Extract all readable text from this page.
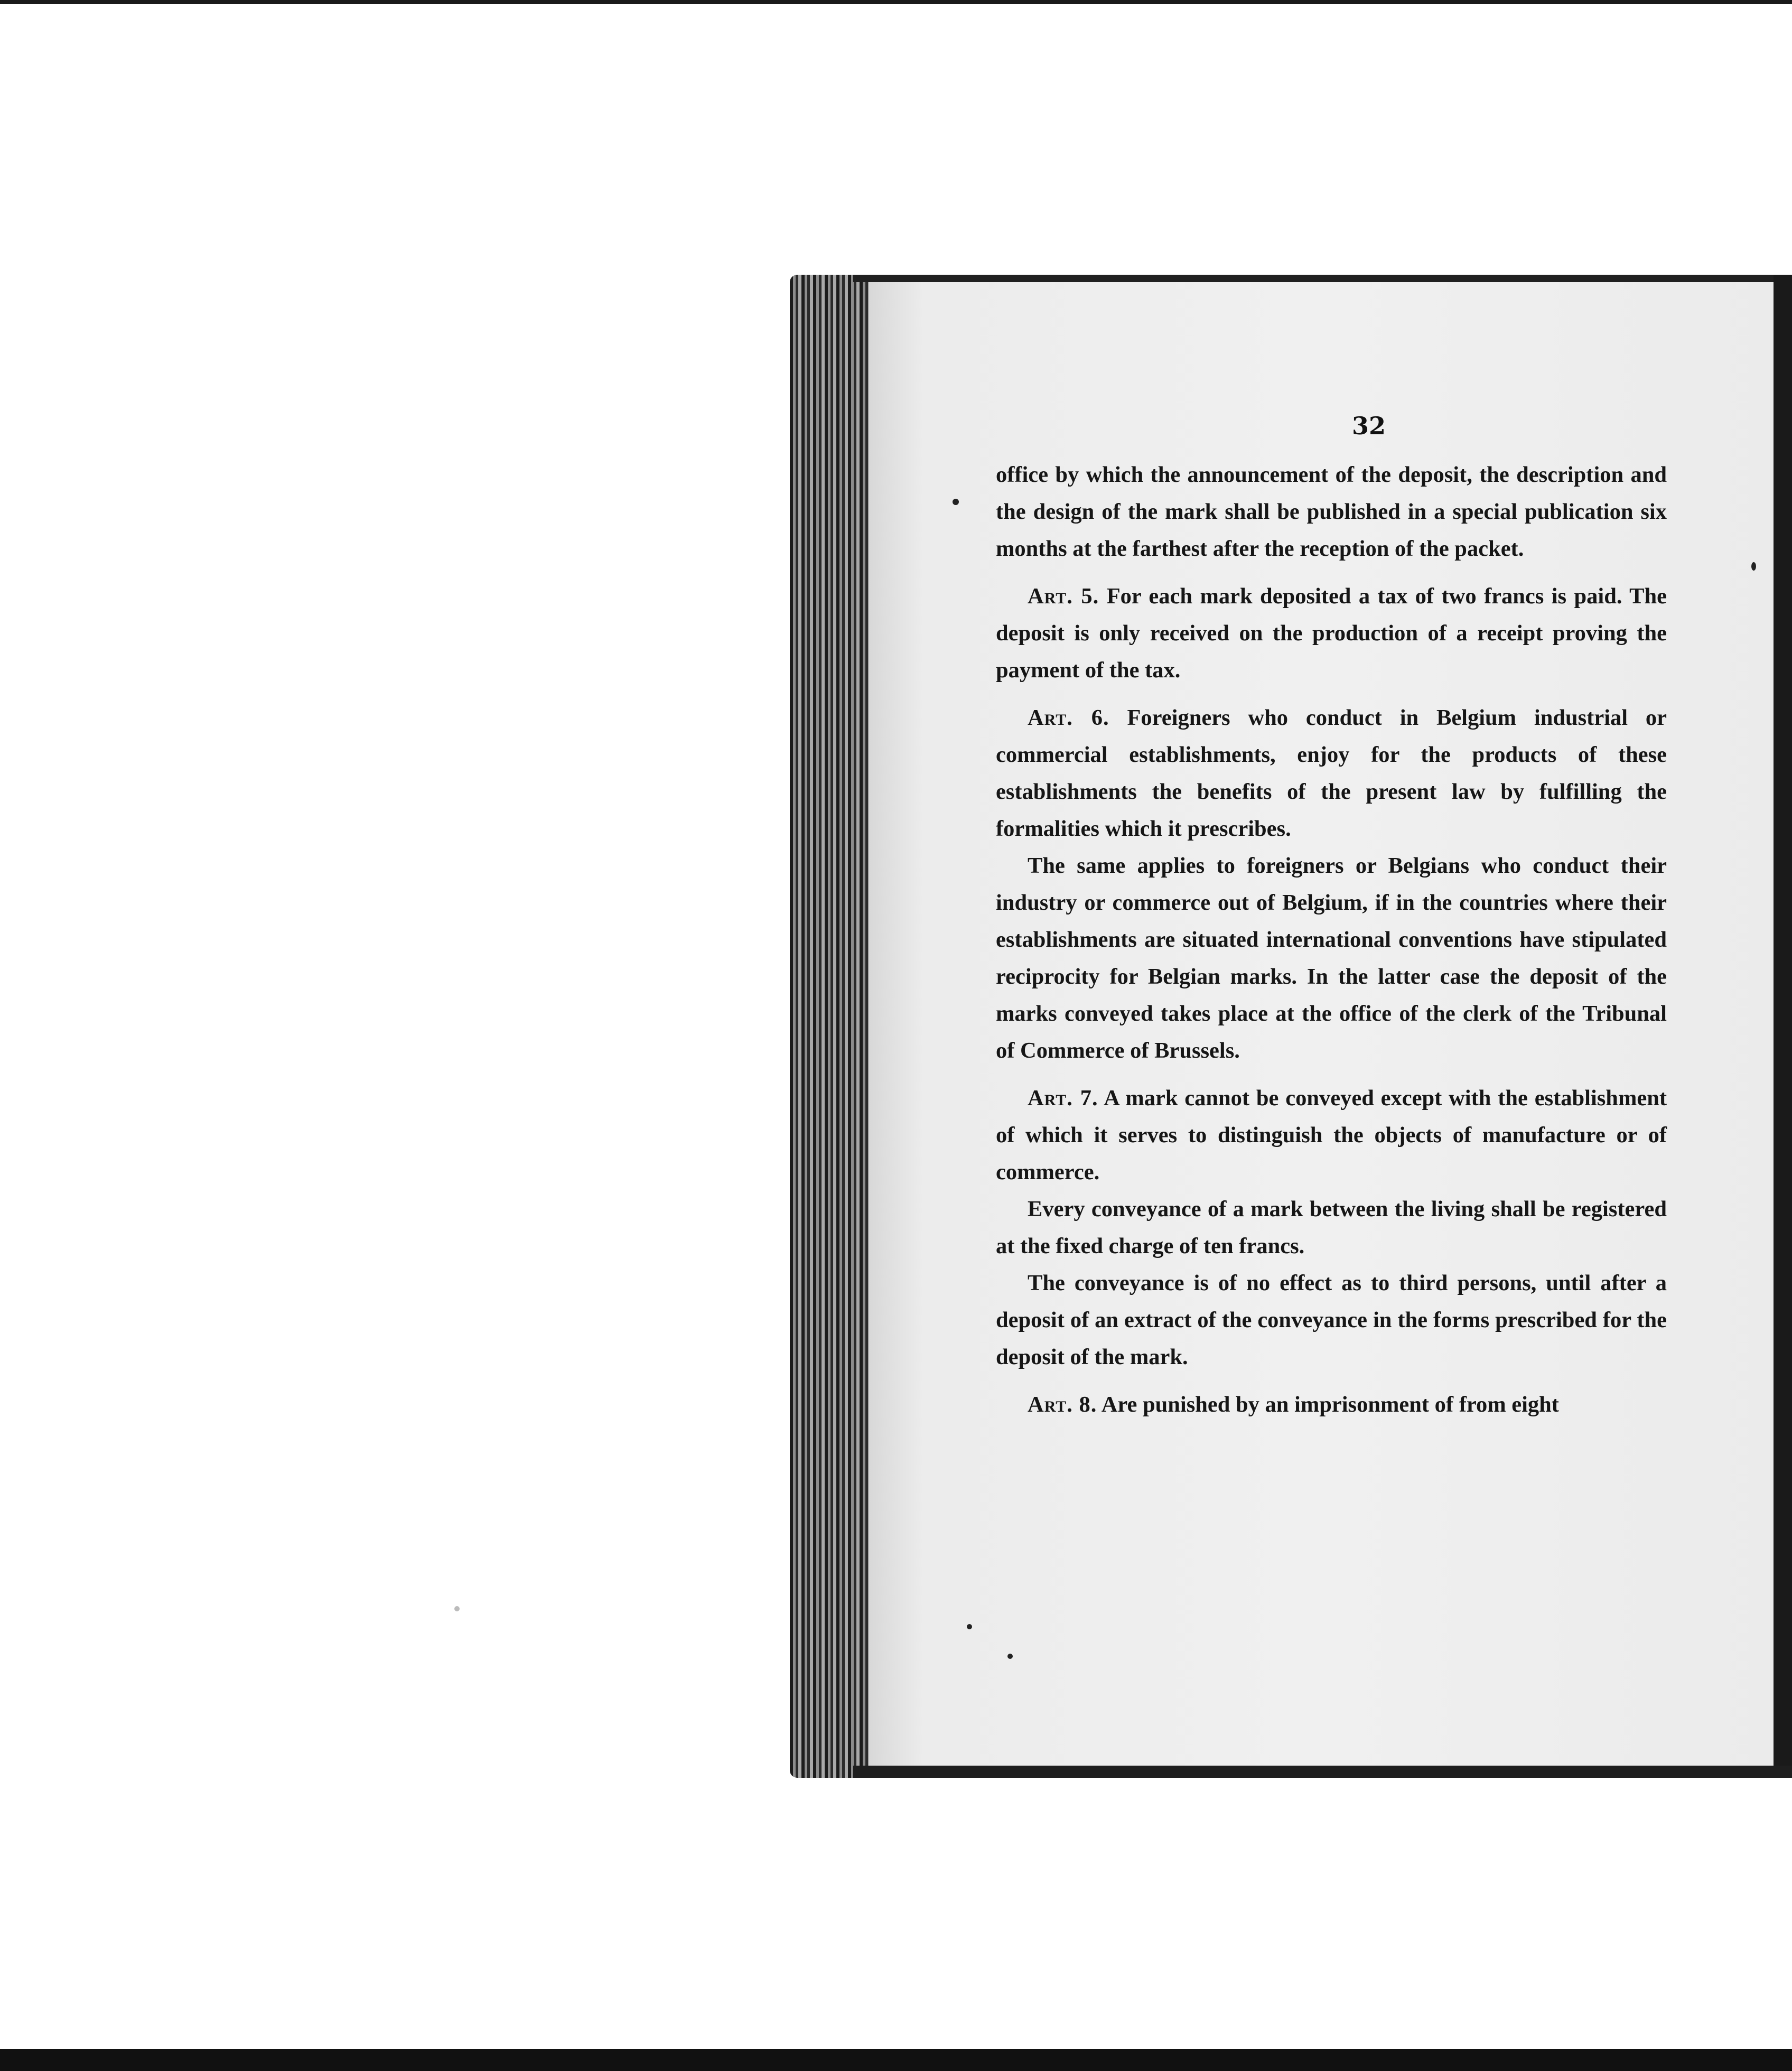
32

office by which the announcement of the deposit, the description and the design of the mark shall be published in a special publication six months at the farthest after the reception of the packet.

Art. 5. For each mark deposited a tax of two francs is paid. The deposit is only received on the production of a receipt proving the payment of the tax.

Art. 6. Foreigners who conduct in Belgium industrial or commercial establishments, enjoy for the products of these establishments the benefits of the present law by fulfilling the formalities which it prescribes.

The same applies to foreigners or Belgians who conduct their industry or commerce out of Belgium, if in the countries where their establishments are situated international conventions have stipulated reciprocity for Belgian marks. In the latter case the deposit of the marks conveyed takes place at the office of the clerk of the Tribunal of Commerce of Brussels.

Art. 7. A mark cannot be conveyed except with the establishment of which it serves to distinguish the objects of manufacture or of commerce.

Every conveyance of a mark between the living shall be registered at the fixed charge of ten francs.

The conveyance is of no effect as to third persons, until after a deposit of an extract of the conveyance in the forms prescribed for the deposit of the mark.

Art. 8. Are punished by an imprisonment of from eight
